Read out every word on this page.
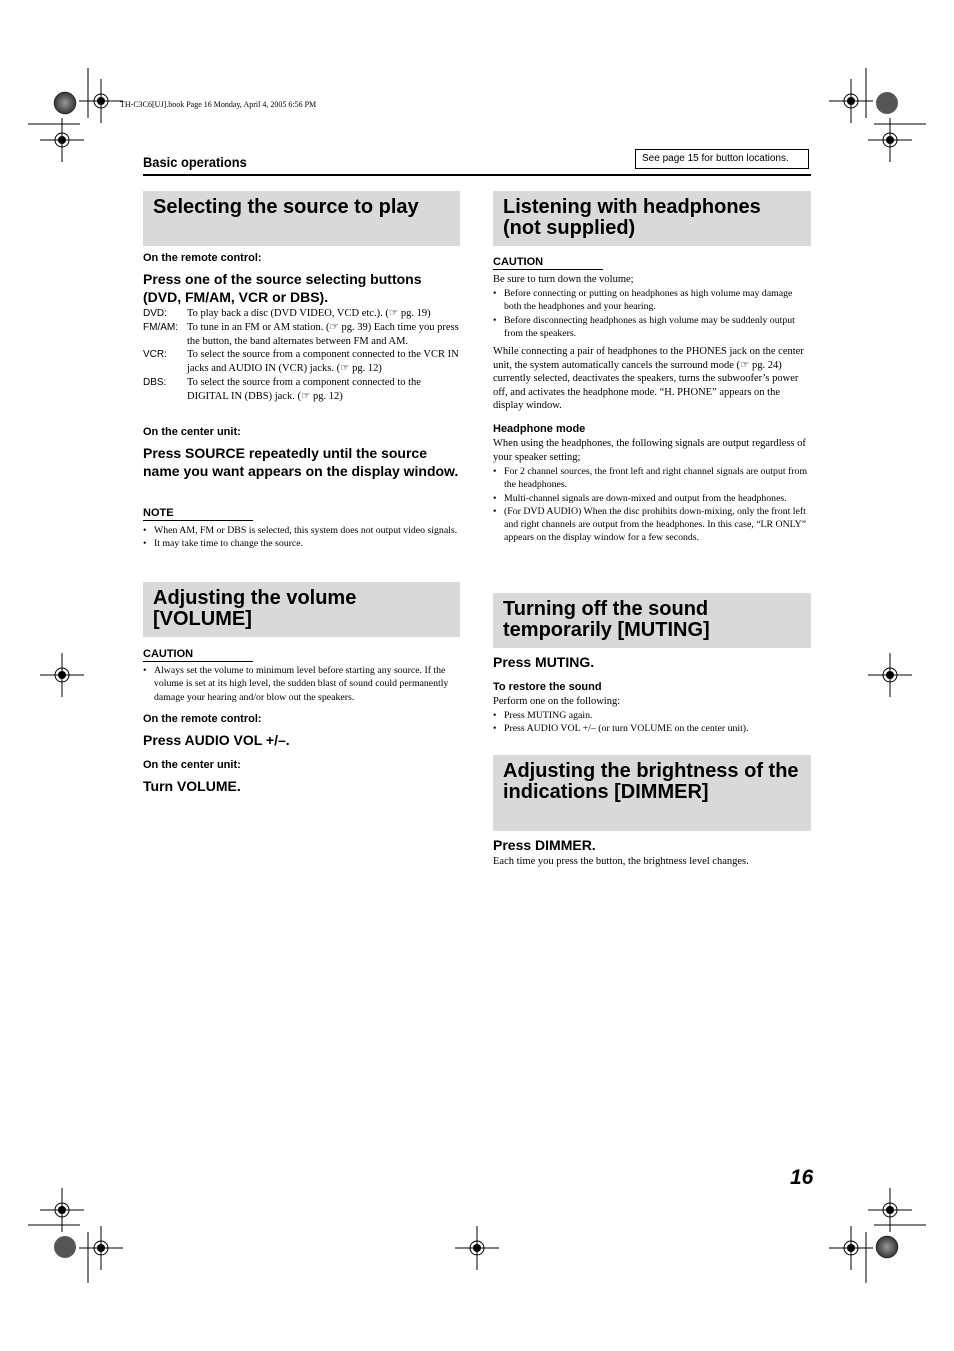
TH-C3C6[UJ].book Page 16 Monday, April 4, 2005 6:56 PM
Basic operations	See page 15 for button locations.
Selecting the source to play
On the remote control:
Press one of the source selecting buttons (DVD, FM/AM, VCR or DBS).
DVD:	To play back a disc (DVD VIDEO, VCD etc.). (☞ pg. 19)
FM/AM: To tune in an FM or AM station. (☞ pg. 39) Each time you press the button, the band alternates between FM and AM.
VCR:	To select the source from a component connected to the VCR IN jacks and AUDIO IN (VCR) jacks. (☞ pg. 12)
DBS:	To select the source from a component connected to the DIGITAL IN (DBS) jack. (☞ pg. 12)
On the center unit:
Press SOURCE repeatedly until the source name you want appears on the display window.
NOTE
• When AM, FM or DBS is selected, this system does not output video signals.
• It may take time to change the source.
Adjusting the volume [VOLUME]
CAUTION
• Always set the volume to minimum level before starting any source. If the volume is set at its high level, the sudden blast of sound could permanently damage your hearing and/or blow out the speakers.
On the remote control:
Press AUDIO VOL +/–.
On the center unit:
Turn VOLUME.
Listening with headphones (not supplied)
CAUTION
Be sure to turn down the volume;
• Before connecting or putting on headphones as high volume may damage both the headphones and your hearing.
• Before disconnecting headphones as high volume may be suddenly output from the speakers.
While connecting a pair of headphones to the PHONES jack on the center unit, the system automatically cancels the surround mode (☞ pg. 24) currently selected, deactivates the speakers, turns the subwoofer’s power off, and activates the headphone mode. “H. PHONE” appears on the display window.
Headphone mode
When using the headphones, the following signals are output regardless of your speaker setting;
• For 2 channel sources, the front left and right channel signals are output from the headphones.
• Multi-channel signals are down-mixed and output from the headphones.
• (For DVD AUDIO) When the disc prohibits down-mixing, only the front left and right channels are output from the headphones. In this case, “LR ONLY” appears on the display window for a few seconds.
Turning off the sound temporarily [MUTING]
Press MUTING.
To restore the sound
Perform one on the following:
• Press MUTING again.
• Press AUDIO VOL +/– (or turn VOLUME on the center unit).
Adjusting the brightness of the indications [DIMMER]
Press DIMMER.
Each time you press the button, the brightness level changes.
16
